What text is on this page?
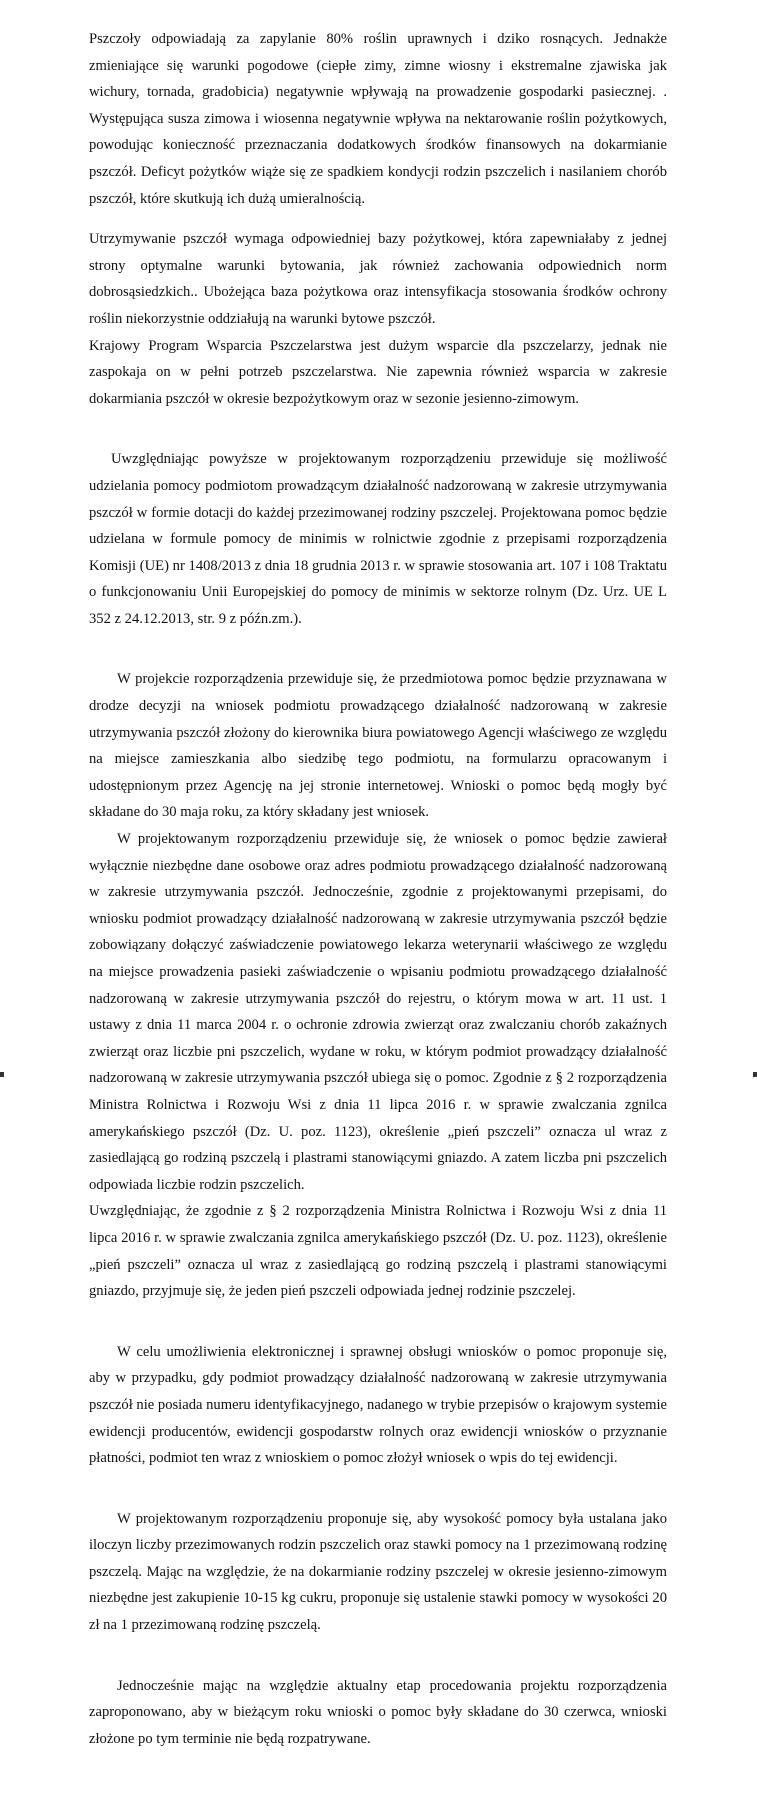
Pszczoły odpowiadają za zapylanie 80% roślin uprawnych i dziko rosnących. Jednakże zmieniające się warunki pogodowe (ciepłe zimy, zimne wiosny i ekstremalne zjawiska jak wichury, tornada, gradobicia) negatywnie wpływają na prowadzenie gospodarki pasiecznej. . Występująca susza zimowa i wiosenna negatywnie wpływa na nektarowanie roślin pożytkowych, powodując konieczność przeznaczania dodatkowych środków finansowych na dokarmianie pszczół. Deficyt pożytków wiąże się ze spadkiem kondycji rodzin pszczelich i nasilaniem chorób pszczół, które skutkują ich dużą umieralnością.

Utrzymywanie pszczół wymaga odpowiedniej bazy pożytkowej, która zapewniałaby z jednej strony optymalne warunki bytowania, jak również zachowania odpowiednich norm dobrosąsiedzkich.. Ubożejąca baza pożytkowa oraz intensyfikacja stosowania środków ochrony roślin niekorzystnie oddziałują na warunki bytowe pszczół.

Krajowy Program Wsparcia Pszczelarstwa jest dużym wsparcie dla pszczelarzy, jednak nie zaspokaja on w pełni potrzeb pszczelarstwa. Nie zapewnia również wsparcia w zakresie dokarmiania pszczół w okresie bezpożytkowym oraz w sezonie jesienno-zimowym.

Uwzględniając powyższe w projektowanym rozporządzeniu przewiduje się możliwość udzielania pomocy podmiotom prowadzącym działalność nadzorowaną w zakresie utrzymywania pszczół w formie dotacji do każdej przezimowanej rodziny pszczelej. Projektowana pomoc będzie udzielana w formule pomocy de minimis w rolnictwie zgodnie z przepisami rozporządzenia Komisji (UE) nr 1408/2013 z dnia 18 grudnia 2013 r. w sprawie stosowania art. 107 i 108 Traktatu o funkcjonowaniu Unii Europejskiej do pomocy de minimis w sektorze rolnym (Dz. Urz. UE L 352 z 24.12.2013, str. 9 z późn.zm.).

W projekcie rozporządzenia przewiduje się, że przedmiotowa pomoc będzie przyznawana w drodze decyzji na wniosek podmiotu prowadzącego działalność nadzorowaną w zakresie utrzymywania pszczół złożony do kierownika biura powiatowego Agencji właściwego ze względu na miejsce zamieszkania albo siedzibę tego podmiotu, na formularzu opracowanym i udostępnionym przez Agencję na jej stronie internetowej. Wnioski o pomoc będą mogły być składane do 30 maja roku, za który składany jest wniosek.

W projektowanym rozporządzeniu przewiduje się, że wniosek o pomoc będzie zawierał wyłącznie niezbędne dane osobowe oraz adres podmiotu prowadzącego działalność nadzorowaną w zakresie utrzymywania pszczół. Jednocześnie, zgodnie z projektowanymi przepisami, do wniosku podmiot prowadzący działalność nadzorowaną w zakresie utrzymywania pszczół będzie zobowiązany dołączyć zaświadczenie powiatowego lekarza weterynarii właściwego ze względu na miejsce prowadzenia pasieki zaświadczenie o wpisaniu podmiotu prowadzącego działalność nadzorowaną w zakresie utrzymywania pszczół do rejestru, o którym mowa w art. 11 ust. 1 ustawy z dnia 11 marca 2004 r. o ochronie zdrowia zwierząt oraz zwalczaniu chorób zakaźnych zwierząt oraz liczbie pni pszczelich, wydane w roku, w którym podmiot prowadzący działalność nadzorowaną w zakresie utrzymywania pszczół ubiega się o pomoc. Zgodnie z § 2 rozporządzenia Ministra Rolnictwa i Rozwoju Wsi z dnia 11 lipca 2016 r. w sprawie zwalczania zgnilca amerykańskiego pszczół (Dz. U. poz. 1123), określenie „pień pszczeli” oznacza ul wraz z zasiedlającą go rodziną pszczelą i plastrami stanowiącymi gniazdo. A zatem liczba pni pszczelich odpowiada liczbie rodzin pszczelich.

Uwzględniając, że zgodnie z § 2 rozporządzenia Ministra Rolnictwa i Rozwoju Wsi z dnia 11 lipca 2016 r. w sprawie zwalczania zgnilca amerykańskiego pszczół (Dz. U. poz. 1123), określenie „pień pszczeli” oznacza ul wraz z zasiedlającą go rodziną pszczelą i plastrami stanowiącymi gniazdo, przyjmuje się, że jeden pień pszczeli odpowiada jednej rodzinie pszczelej.

W celu umożliwienia elektronicznej i sprawnej obsługi wniosków o pomoc proponuje się, aby w przypadku, gdy podmiot prowadzący działalność nadzorowaną w zakresie utrzymywania pszczół nie posiada numeru identyfikacyjnego, nadanego w trybie przepisów o krajowym systemie ewidencji producentów, ewidencji gospodarstw rolnych oraz ewidencji wniosków o przyznanie płatności, podmiot ten wraz z wnioskiem o pomoc złożył wniosek o wpis do tej ewidencji.

W projektowanym rozporządzeniu proponuje się, aby wysokość pomocy była ustalana jako iloczyn liczby przezimowanych rodzin pszczelich oraz stawki pomocy na 1 przezimowaną rodzinę pszczelą. Mając na względzie, że na dokarmianie rodziny pszczelej w okresie jesienno-zimowym niezbędne jest zakupienie 10-15 kg cukru, proponuje się ustalenie stawki pomocy w wysokości 20 zł na 1 przezimowaną rodzinę pszczelą.

Jednocześnie mając na względzie aktualny etap procedowania projektu rozporządzenia zaproponowano, aby w bieżącym roku wnioski o pomoc były składane do 30 czerwca, wnioski złożone po tym terminie nie będą rozpatrywane.
